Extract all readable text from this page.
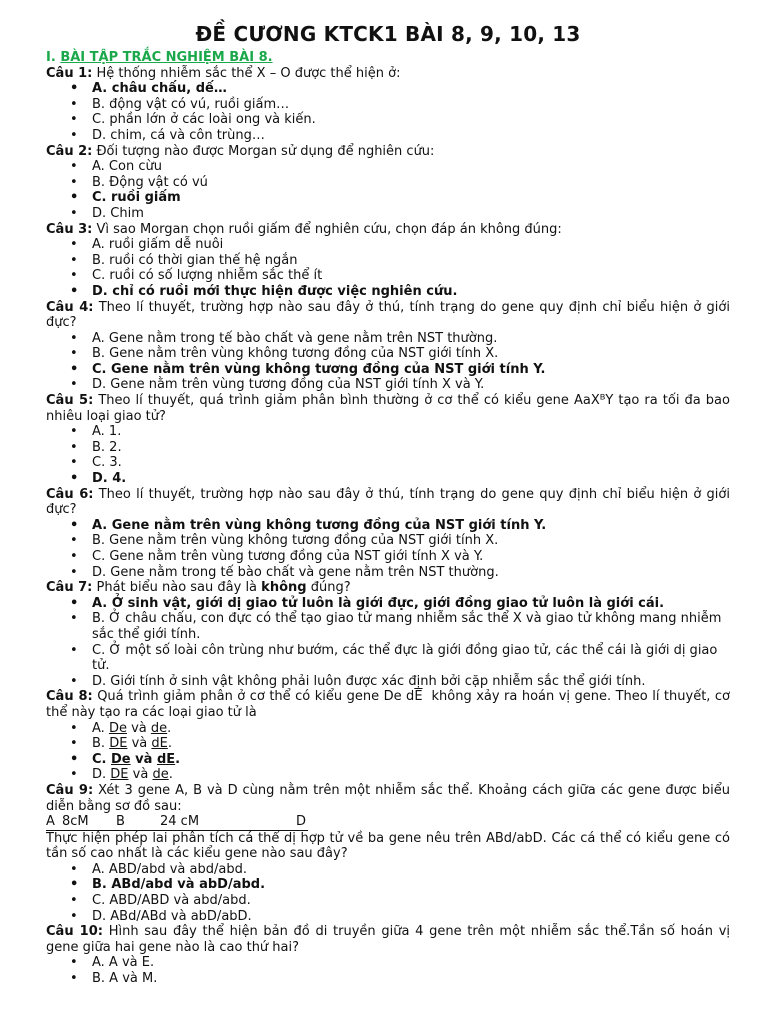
ĐỀ CƯƠNG KTCK1 BÀI 8, 9, 10, 13
I. BÀI TẬP TRẮC NGHIỆM BÀI 8.

Câu 1: Hệ thống nhiễm sắc thể X – O được thể hiện ở:

• A. châu chấu, dế…
• B. động vật có vú, ruồi giấm…
• C. phần lớn ở các loài ong và kiến.
• D. chim, cá và côn trùng…

Câu 2: Đối tượng nào được Morgan sử dụng để nghiên cứu:

• A. Con cừu
• B. Động vật có vú
• C. ruồi giấm
• D. Chim

Câu 3: Vì sao Morgan chọn ruồi giấm để nghiên cứu, chọn đáp án không đúng:

• A. ruồi giấm dễ nuôi
• B. ruồi có thời gian thế hệ ngắn
• C. ruồi có số lượng nhiễm sắc thể ít
• D. chỉ có ruồi mới thực hiện được việc nghiên cứu.

Câu 4: Theo lí thuyết, trường hợp nào sau đây ở thú, tính trạng do gene quy định chỉ biểu hiện ở giới đực?

• A. Gene nằm trong tế bào chất và gene nằm trên NST thường.
• B. Gene nằm trên vùng không tương đồng của NST giới tính X.
• C. Gene nằm trên vùng không tương đồng của NST giới tính Y.
• D. Gene nằm trên vùng tương đồng của NST giới tính X và Y.

Câu 5: Theo lí thuyết, quá trình giảm phân bình thường ở cơ thể có kiểu gene AaXᴮY tạo ra tối đa bao nhiêu loại giao tử?

• A. 1.
• B. 2.
• C. 3.
• D. 4.

Câu 6: Theo lí thuyết, trường hợp nào sau đây ở thú, tính trạng do gene quy định chỉ biểu hiện ở giới đực?

• A. Gene nằm trên vùng không tương đồng của NST giới tính Y.
• B. Gene nằm trên vùng không tương đồng của NST giới tính X.
• C. Gene nằm trên vùng tương đồng của NST giới tính X và Y.
• D. Gene nằm trong tế bào chất và gene nằm trên NST thường.

Câu 7: Phát biểu nào sau đây là không đúng?

• A. Ở sinh vật, giới dị giao tử luôn là giới đực, giới đồng giao tử luôn là giới cái.
• B. Ở châu chấu, con đực có thể tạo giao tử mang nhiễm sắc thể X và giao tử không mang nhiễm sắc thể giới tính.
• C. Ở một số loài côn trùng như bướm, các thể đực là giới đồng giao tử, các thể cái là giới dị giao tử.
• D. Giới tính ở sinh vật không phải luôn được xác định bởi cặp nhiễm sắc thể giới tính.

Câu 8: Quá trình giảm phân ở cơ thể có kiểu gene De $d\overline{E}$  không xảy ra hoán vị gene. Theo lí thuyết, cơ thể này tạo ra các loại giao tử là

• A. De và de.
• B. DE và dE.
• C. De và dE.
• D. DE và de.

Câu 9: Xét 3 gene A, B và D cùng nằm trên một nhiễm sắc thể. Khoảng cách giữa các gene được biểu diễn bằng sơ đồ sau:

A 8cM	B	24 cM	D

Thực hiện phép lai phân tích cá thể dị hợp tử về ba gene nêu trên ABd/abD. Các cá thể có kiểu gene có tần số cao nhất là các kiểu gene nào sau đây?

• A. ABD/abd và abd/abd.
• B. ABd/abd và abD/abd.
• C. ABD/ABD và abd/abd.
• D. ABd/ABd và abD/abD.

Câu 10: Hình sau đây thể hiện bản đồ di truyền giữa 4 gene trên một nhiễm sắc thể.Tần số hoán vị gene giữa hai gene nào là cao thứ hai?

• A. A và E.
• B. A và M.
